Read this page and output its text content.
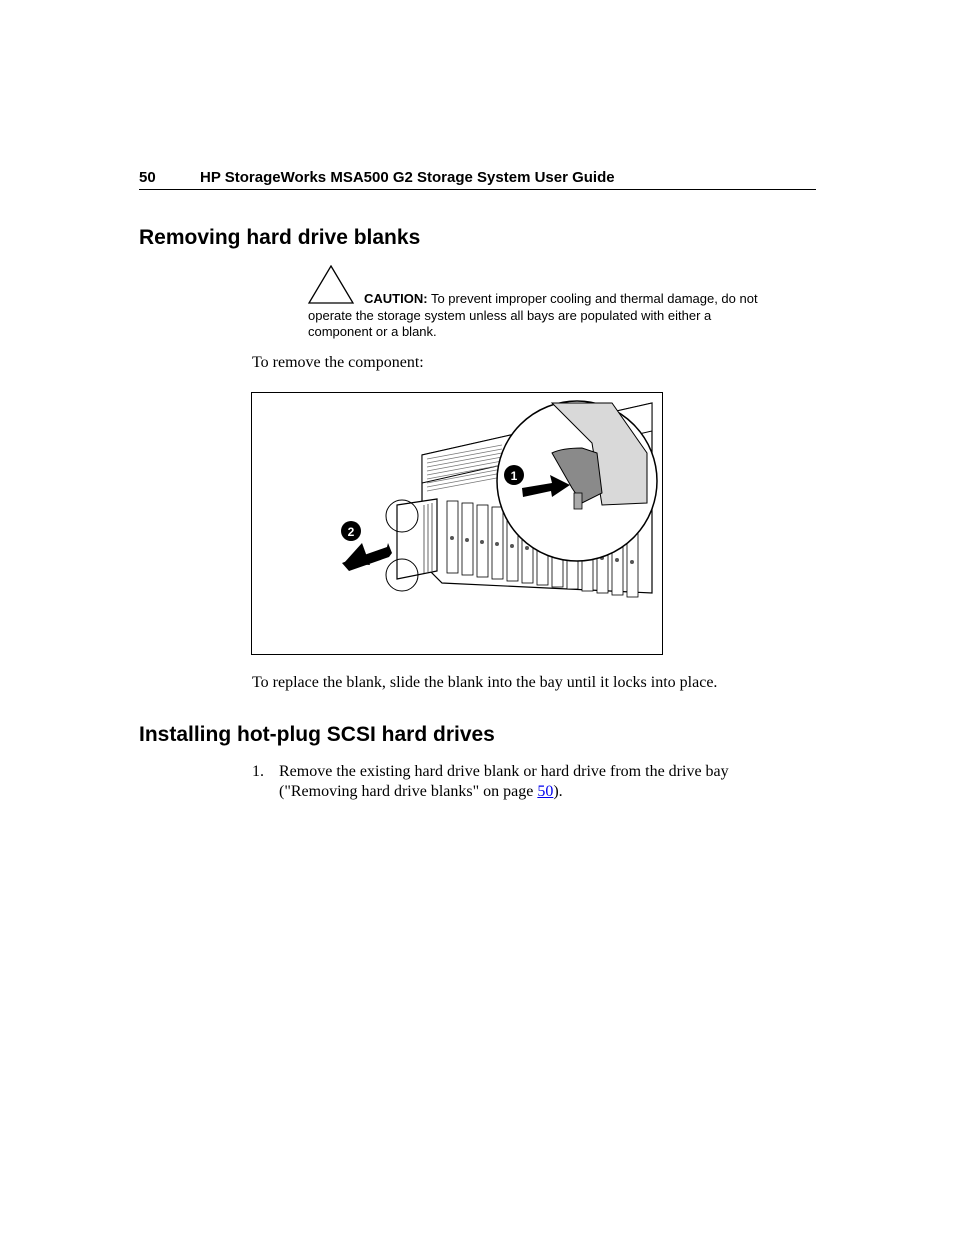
50	HP StorageWorks MSA500 G2 Storage System User Guide
Removing hard drive blanks
CAUTION: To prevent improper cooling and thermal damage, do not operate the storage system unless all bays are populated with either a component or a blank.
To remove the component:
2
1
To replace the blank, slide the blank into the bay until it locks into place.
Installing hot-plug SCSI hard drives
1. Remove the existing hard drive blank or hard drive from the drive bay ("Removing hard drive blanks" on page 50).
